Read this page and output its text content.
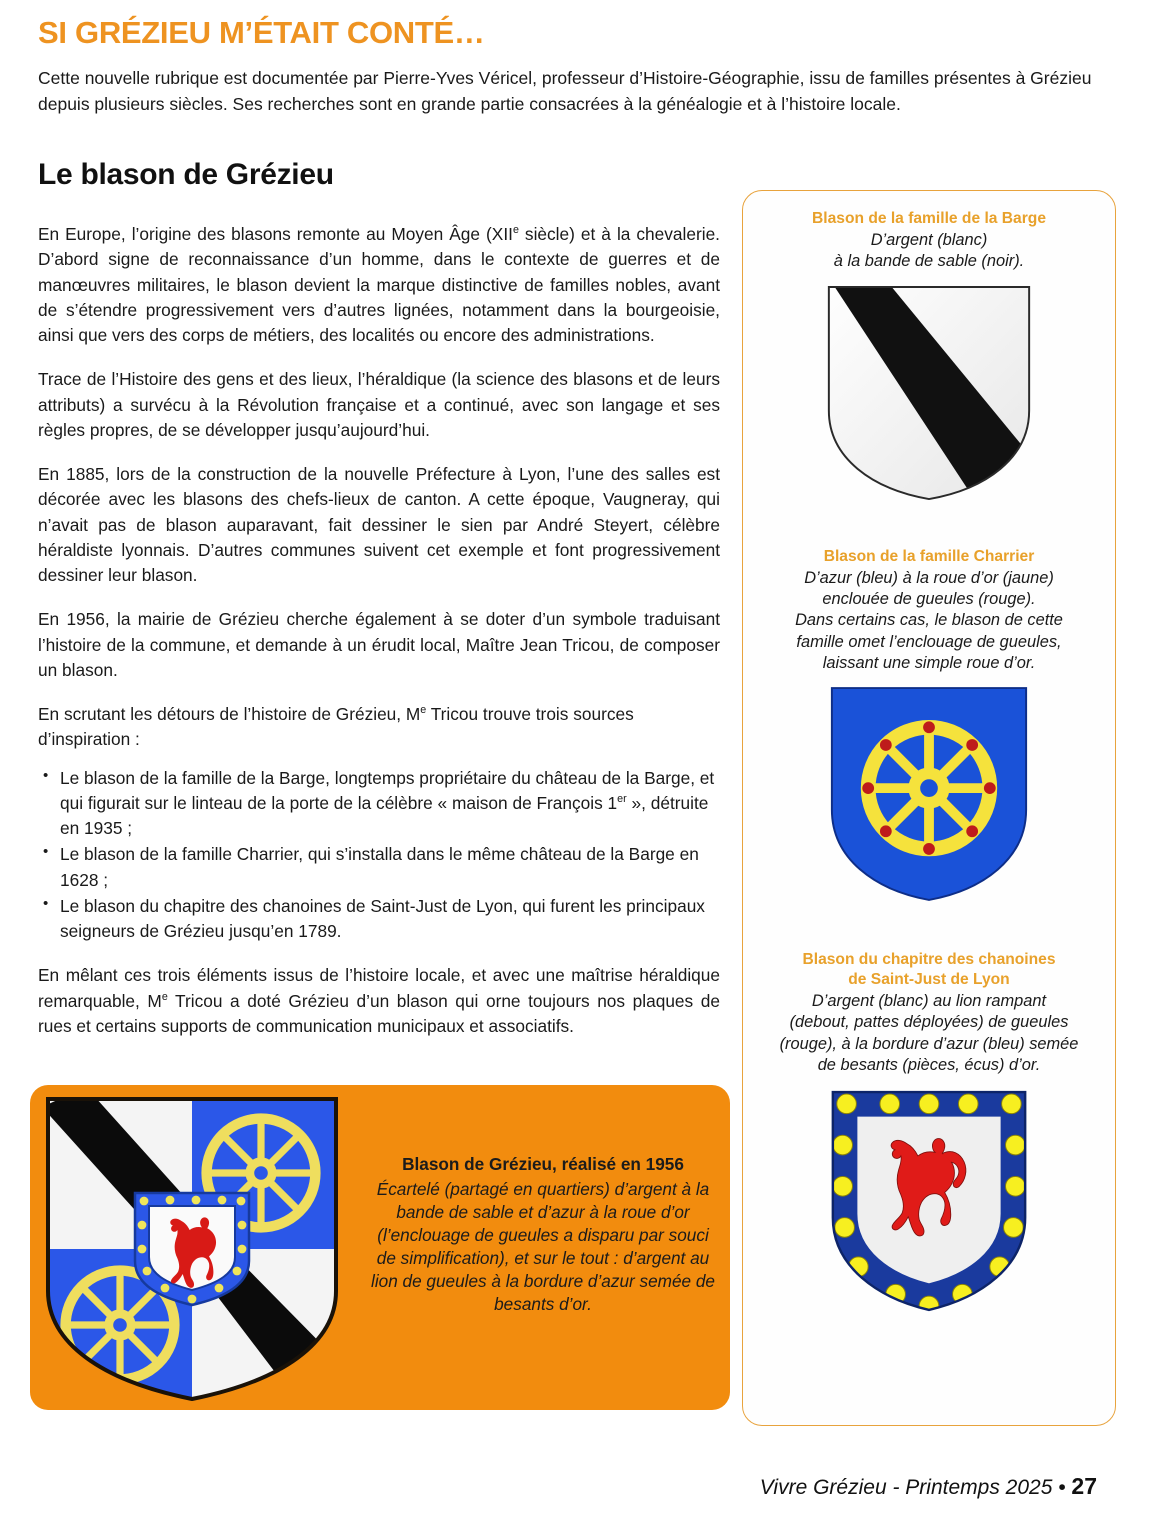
SI GRÉZIEU M’ÉTAIT CONTÉ…
Cette nouvelle rubrique est documentée par Pierre-Yves Véricel, professeur d’Histoire-Géographie, issu de familles présentes à Grézieu depuis plusieurs siècles. Ses recherches sont en grande partie consacrées à la généalogie et à l’histoire locale.
Le blason de Grézieu

En Europe, l’origine des blasons remonte au Moyen Âge (XIIe siècle) et à la chevalerie. D’abord signe de reconnaissance d’un homme, dans le contexte de guerres et de manœuvres militaires, le blason devient la marque distinctive de familles nobles, avant de s’étendre progressivement vers d’autres lignées, notamment dans la bourgeoisie, ainsi que vers des corps de métiers, des localités ou encore des administrations.

Trace de l’Histoire des gens et des lieux, l’héraldique (la science des blasons et de leurs attributs) a survécu à la Révolution française et a continué, avec son langage et ses règles propres, de se développer jusqu’aujourd’hui.

En 1885, lors de la construction de la nouvelle Préfecture à Lyon, l’une des salles est décorée avec les blasons des chefs-lieux de canton. A cette époque, Vaugneray, qui n’avait pas de blason auparavant, fait dessiner le sien par André Steyert, célèbre héraldiste lyonnais. D’autres communes suivent cet exemple et font progressivement dessiner leur blason.

En 1956, la mairie de Grézieu cherche également à se doter d’un symbole traduisant l’histoire de la commune, et demande à un érudit local, Maître Jean Tricou, de composer un blason.

En scrutant les détours de l’histoire de Grézieu, Me Tricou trouve trois sources d’inspiration :

• Le blason de la famille de la Barge, longtemps propriétaire du château de la Barge, et qui figurait sur le linteau de la porte de la célèbre « maison de François 1er », détruite en 1935 ;
• Le blason de la famille Charrier, qui s’installa dans le même château de la Barge en 1628 ;
• Le blason du chapitre des chanoines de Saint-Just de Lyon, qui furent les principaux seigneurs de Grézieu jusqu’en 1789.

En mêlant ces trois éléments issus de l’histoire locale, et avec une maîtrise héraldique remarquable, Me Tricou a doté Grézieu d’un blason qui orne toujours nos plaques de rues et certains supports de communication municipaux et associatifs.

Blason de Grézieu, réalisé en 1956
Écartelé (partagé en quartiers) d’argent à la bande de sable et d’azur à la roue d’or (l’enclouage de gueules a disparu par souci de simplification), et sur le tout : d’argent au lion de gueules à la bordure d’azur semée de besants d’or.
Blason de la famille de la Barge
D’argent (blanc)
à la bande de sable (noir).
Blason de la famille Charrier
D’azur (bleu) à la roue d’or (jaune)
enclouée de gueules (rouge).
Dans certains cas, le blason de cette
famille omet l’enclouage de gueules,
laissant une simple roue d’or.
Blason du chapitre des chanoines
de Saint-Just de Lyon
D’argent (blanc) au lion rampant
(debout, pattes déployées) de gueules
(rouge), à la bordure d’azur (bleu) semée
de besants (pièces, écus) d’or.
Vivre Grézieu - Printemps 2025 • 27
